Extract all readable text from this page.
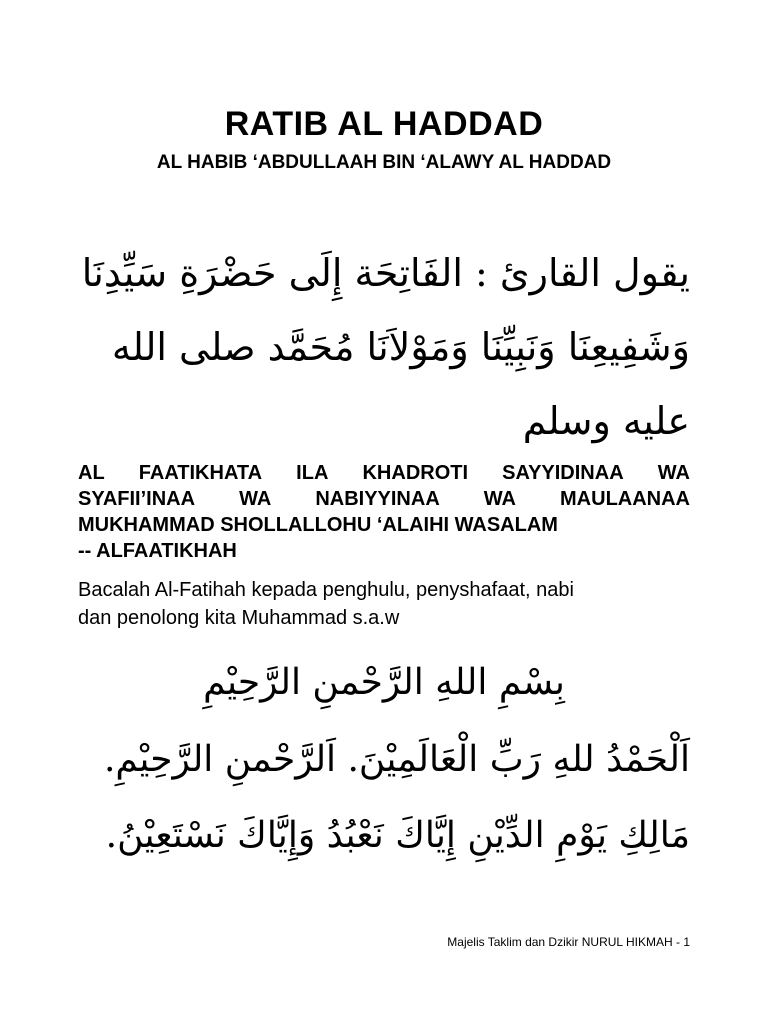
RATIB AL HADDAD
AL HABIB ‘ABDULLAAH BIN ‘ALAWY AL HADDAD
يقول القارئ : الفَاتِحَة إِلَى حَضْرَةِ سَيِّدِنَا
وَشَفِيعِنَا وَنَبِيِّنَا وَمَوْلاَنَا مُحَمَّد صلى الله
عليه وسلم
AL FAATIKHATA ILA KHADROTI SAYYIDINAA WA
SYAFII’INAA WA NABIYYINAA WA MAULAANAA
MUKHAMMAD SHOLLALLOHU ‘ALAIHI WASALAM
-- ALFAATIKHAH
Bacalah Al-Fatihah kepada penghulu, penyshafaat, nabi
dan penolong kita Muhammad s.a.w
بِسْمِ اللهِ الرَّحْمنِ الرَّحِيْمِ
اَلْحَمْدُ للهِ رَبِّ الْعَالَمِيْنَ. اَلرَّحْمنِ الرَّحِيْمِ.
مَالِكِ يَوْمِ الدِّيْنِ إِيَّاكَ نَعْبُدُ وَإِيَّاكَ نَسْتَعِيْنُ.
Majelis Taklim dan Dzikir NURUL HIKMAH - 1
